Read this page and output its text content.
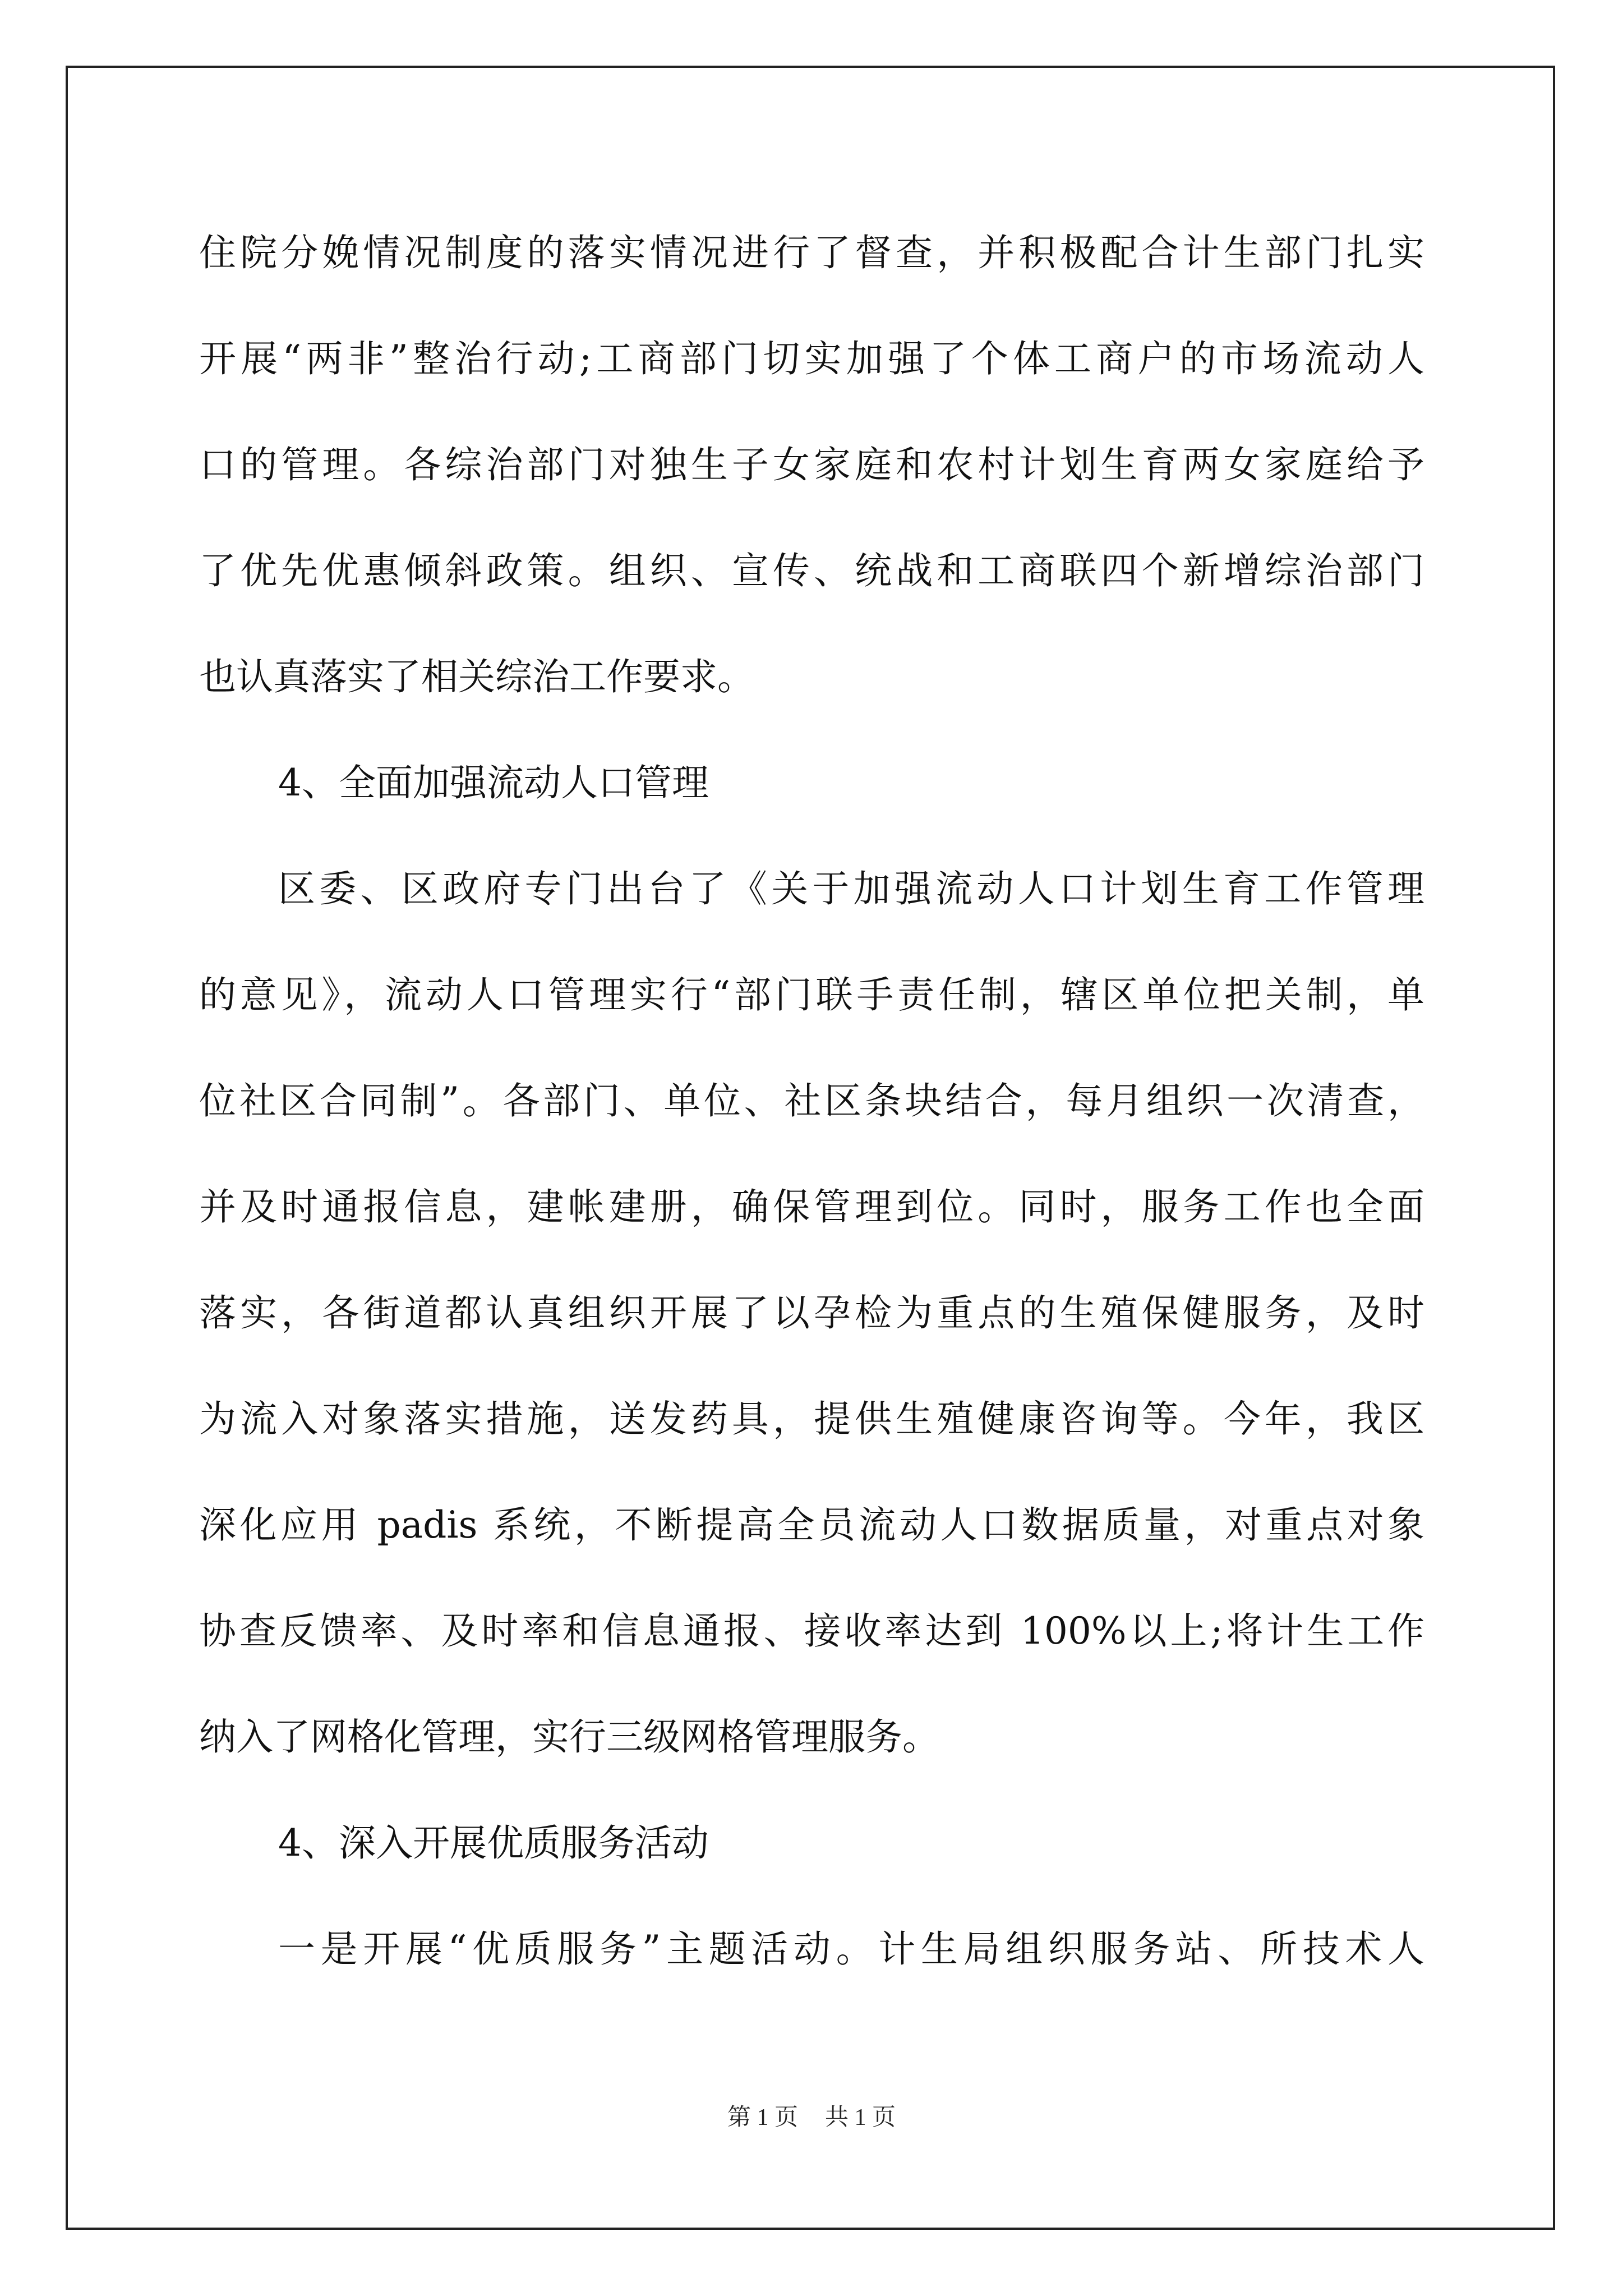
住院分娩情况制度的落实情况进行了督查，并积极配合计生部门扎实
开展“两非”整治行动;工商部门切实加强了个体工商户的市场流动人
口的管理。各综治部门对独生子女家庭和农村计划生育两女家庭给予
了优先优惠倾斜政策。组织、宣传、统战和工商联四个新增综治部门
也认真落实了相关综治工作要求。
4、全面加强流动人口管理
区委、区政府专门出台了《关于加强流动人口计划生育工作管理
的意见》，流动人口管理实行“部门联手责任制，辖区单位把关制，单
位社区合同制”。各部门、单位、社区条块结合，每月组织一次清查，
并及时通报信息，建帐建册，确保管理到位。同时，服务工作也全面
落实，各街道都认真组织开展了以孕检为重点的生殖保健服务，及时
为流入对象落实措施，送发药具，提供生殖健康咨询等。今年，我区
深化应用 padis 系统，不断提高全员流动人口数据质量，对重点对象
协查反馈率、及时率和信息通报、接收率达到 100%以上;将计生工作
纳入了网格化管理，实行三级网格管理服务。
4、深入开展优质服务活动
一是开展“优质服务”主题活动。计生局组织服务站、所技术人
第 1 页 共 1 页
